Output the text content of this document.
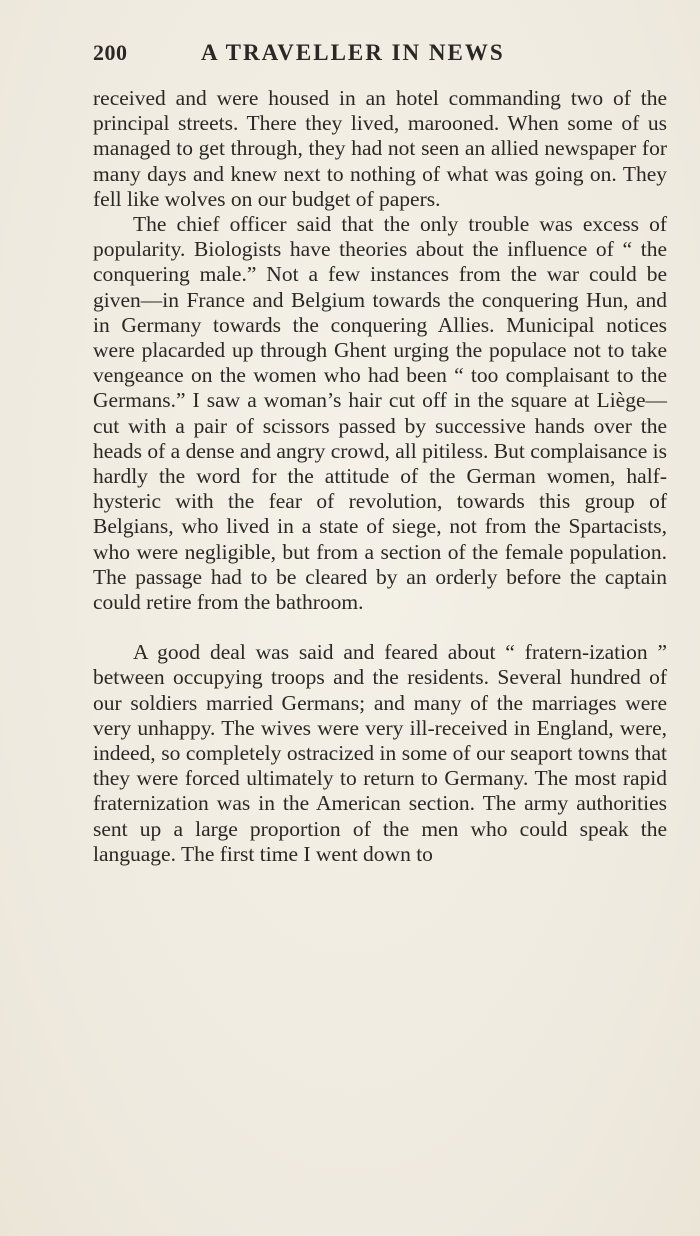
200	A TRAVELLER IN NEWS

received and were housed in an hotel commanding two of the principal streets. There they lived, marooned. When some of us managed to get through, they had not seen an allied newspaper for many days and knew next to nothing of what was going on. They fell like wolves on our budget of papers.

The chief officer said that the only trouble was excess of popularity. Biologists have theories about the influence of “ the conquering male.” Not a few instances from the war could be given—in France and Belgium towards the conquering Hun, and in Germany towards the conquering Allies. Municipal notices were placarded up through Ghent urging the populace not to take vengeance on the women who had been “ too complaisant to the Germans.” I saw a woman’s hair cut off in the square at Liège—cut with a pair of scissors passed by successive hands over the heads of a dense and angry crowd, all pitiless. But complaisance is hardly the word for the attitude of the German women, half-hysteric with the fear of revolution, towards this group of Belgians, who lived in a state of siege, not from the Spartacists, who were negligible, but from a section of the female population. The passage had to be cleared by an orderly before the captain could retire from the bathroom.

A good deal was said and feared about “ fratern-ization ” between occupying troops and the residents. Several hundred of our soldiers married Germans; and many of the marriages were very unhappy. The wives were very ill-received in England, were, indeed, so completely ostracized in some of our seaport towns that they were forced ultimately to return to Germany. The most rapid fraternization was in the American section. The army authorities sent up a large proportion of the men who could speak the language. The first time I went down to
